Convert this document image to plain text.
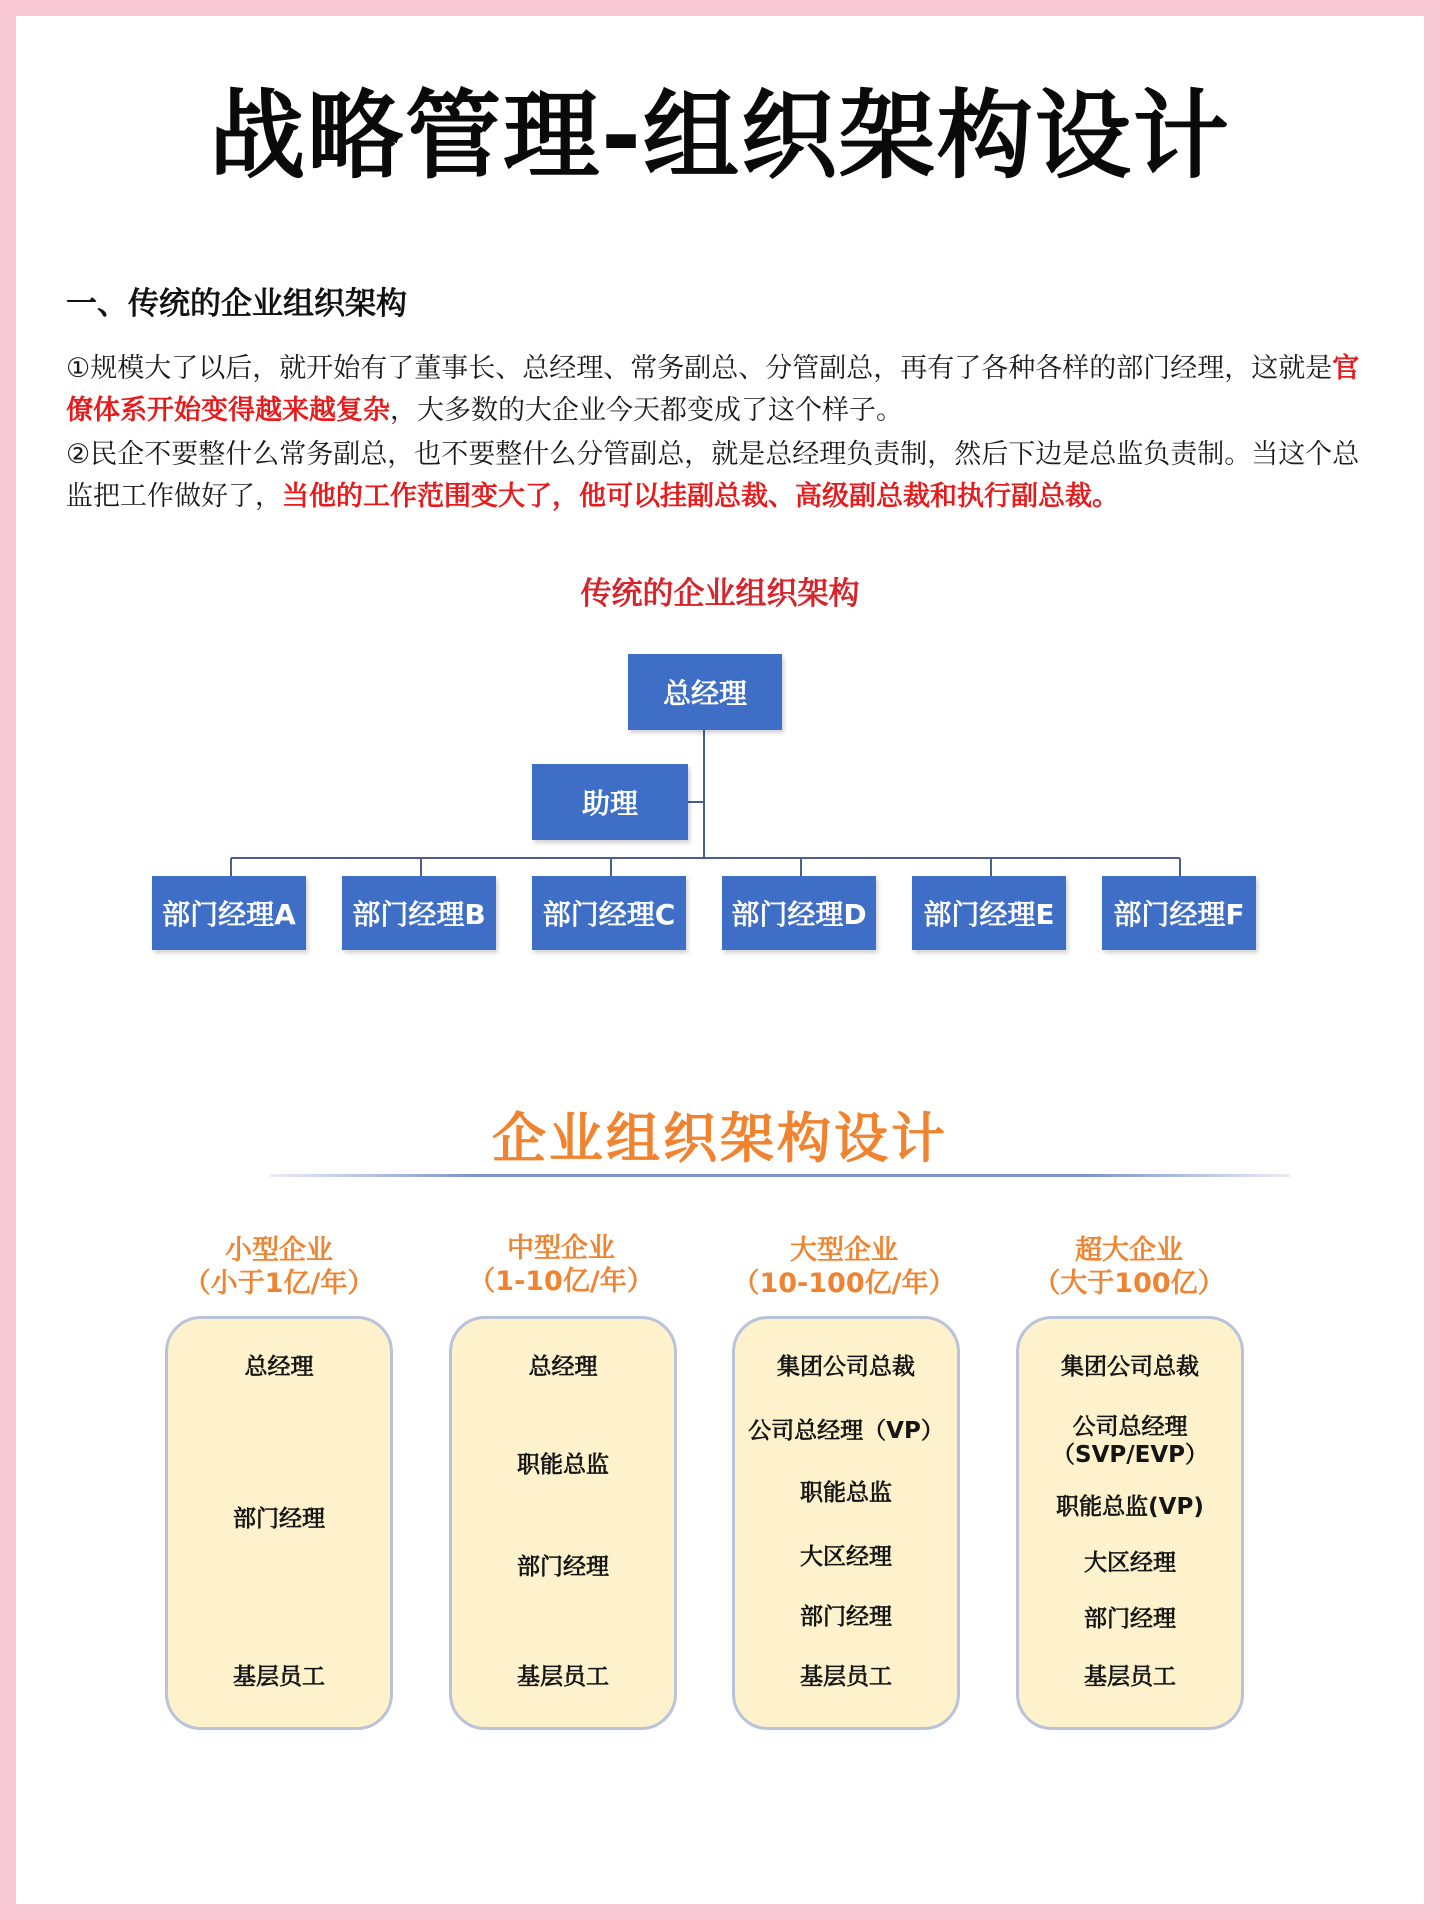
战略管理-组织架构设计
一、传统的企业组织架构
①规模大了以后，就开始有了董事长、总经理、常务副总、分管副总，再有了各种各样的部门经理，这就是官僚体系开始变得越来越复杂，大多数的大企业今天都变成了这个样子。
②民企不要整什么常务副总，也不要整什么分管副总，就是总经理负责制，然后下边是总监负责制。当这个总监把工作做好了，当他的工作范围变大了，他可以挂副总裁、高级副总裁和执行副总裁。
传统的企业组织架构
总经理
助理
部门经理A	部门经理B	部门经理C	部门经理D	部门经理E	部门经理F
企业组织架构设计
小型企业
（小于1亿/年）
中型企业
（1-10亿/年）
大型企业
（10-100亿/年）
超大企业
（大于100亿）
总经理
部门经理
基层员工
总经理
职能总监
部门经理
基层员工
集团公司总裁
公司总经理（VP）
职能总监
大区经理
部门经理
基层员工
集团公司总裁
公司总经理
（SVP/EVP）
职能总监(VP)
大区经理
部门经理
基层员工
